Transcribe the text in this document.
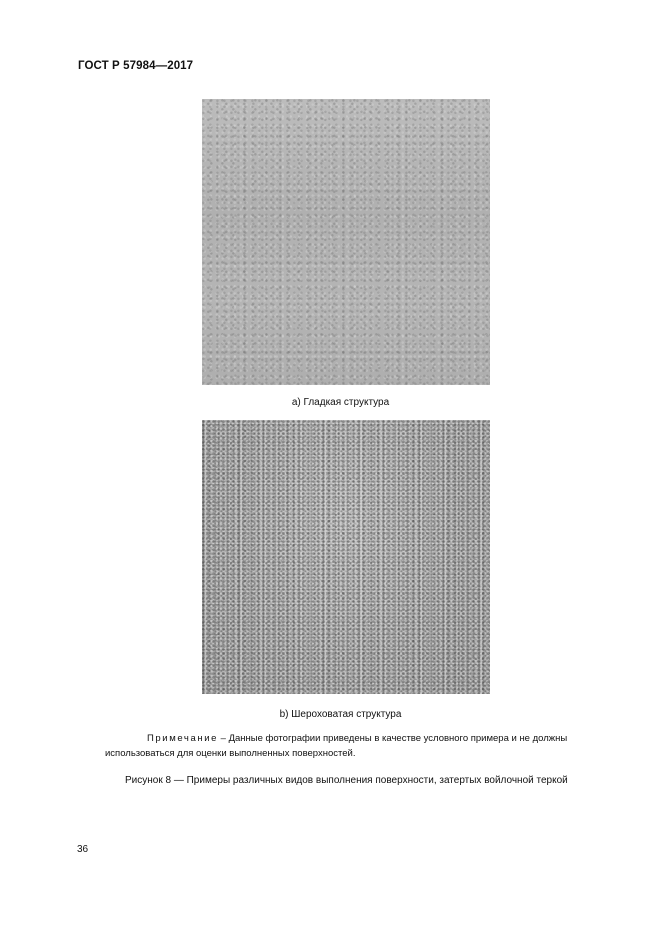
ГОСТ Р 57984—2017
a) Гладкая структура
b) Шероховатая структура
Примечание – Данные фотографии приведены в качестве условного примера и не должны
использоваться для оценки выполненных поверхностей.
Рисунок 8 — Примеры различных видов выполнения поверхности, затертых войлочной теркой
36
